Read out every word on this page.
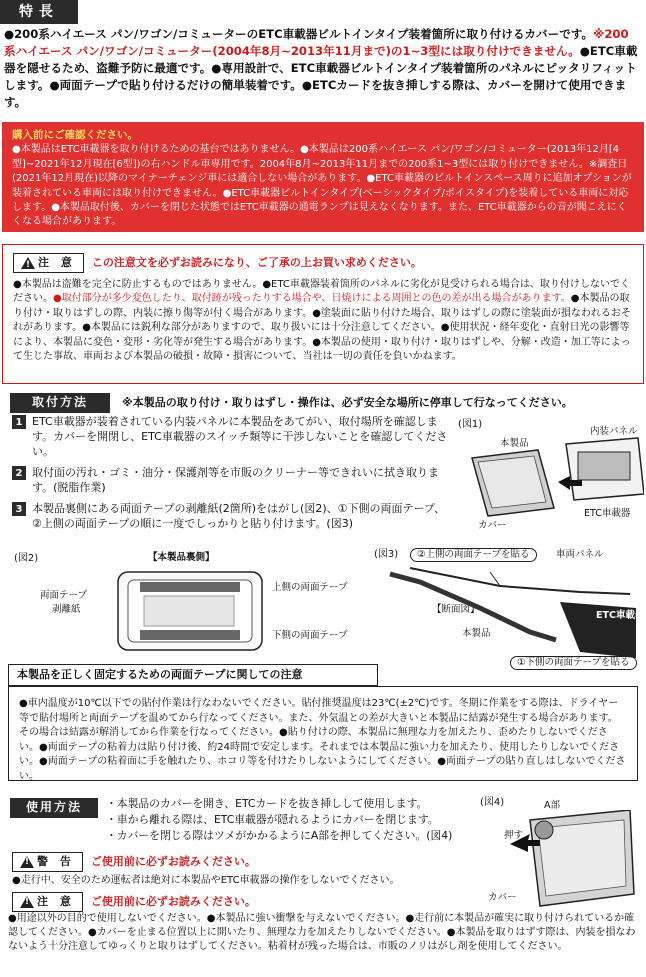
特長
●200系ハイエース パン/ワゴン/コミューターのETC車載器ビルトインタイプ装着箇所に取り付けるカバーです。※200系ハイエース パン/ワゴン/コミューター(2004年8月~2013年11月まで)の1~3型には取り付けできません。●ETC車載器を隠せるため、盗難予防に最適です。●専用設計で、ETC車載器ビルトインタイプ装着箇所のパネルにピッタリフィットします。●両面テープで貼り付けるだけの簡単装着です。●ETCカードを抜き挿しする際は、カバーを開けて使用できます。
購入前にご確認ください。
●本製品はETC車載器を取り付けるための基台ではありません。●本製品は200系ハイエース パン/ワゴン/コミューター(2013年12月[4型]~2021年12月現在[6型])の右ハンドル車専用です。2004年8月~2013年11月までの200系1~3型には取り付けできません。※調査日(2021年12月現在)以降のマイナーチェンジ車には適合しない場合があります。●ETC車載器のビルトインスペース周りに追加オプションが装着されている車両には取り付けできません。●ETC車載器ビルトインタイプ(ベーシックタイプ/ボイスタイプ)を装着している車両に対応します。●本製品取付後、カバーを閉じた状態ではETC車載器の通電ランプは見えなくなります。また、ETC車載器からの音が聞こえにくくなる場合があります。
!
注 意 この注意文を必ずお読みになり、ご了承の上お買い求めください。
●本製品は盗難を完全に防止するものではありません。●ETC車載器装着箇所のパネルに劣化が見受けられる場合は、取り付けしないでください。●取付部分が多少変色したり、取付跡が残ったりする場合や、日焼けによる周囲との色の差が出る場合があります。●本製品の取り付け・取りはずしの際、内装に擦り傷等が付く場合があります。●塗装面に貼り付けた場合、取りはずしの際に塗装面が損なわれるおそれがあります。●本製品には鋭利な部分がありますので、取り扱いには十分注意してください。●使用状況・経年変化・直射日光の影響等により、本製品に変色・変形・劣化等が発生する場合があります。●本製品の使用・取り付け・取りはずしや、分解・改造・加工等によって生じた事故、車両および本製品の破損・故障・損害について、当社は一切の責任を負いかねます。
取付方法	※本製品の取り付け・取りはずし・操作は、必ず安全な場所に停車して行なってください。
1 ETC車載器が装着されている内装パネルに本製品をあてがい、取付場所を確認します。カバーを開閉し、ETC車載器のスイッチ類等に干渉しないことを確認してください。
2 取付面の汚れ・ゴミ・油分・保護剤等を市販のクリーナー等できれいに拭き取ります。(脱脂作業)
3 本製品裏側にある両面テープの剥離紙(2箇所)をはがし(図2)、①下側の両面テープ、②上側の両面テープの順に一度でしっかりと貼り付けます。(図3)
(図1)
本製品
内装パネル
カバー
ETC車載器
(図2)	【本製品裏側】
両面テープ
剥離紙
上側の両面テープ
下側の両面テープ
(図3)	②上側の両面テープを貼る	車両パネル
【断面図】
本製品
ETC車載器
①下側の両面テープを貼る
本製品を正しく固定するための両面テープに関しての注意
●車内温度が10℃以下での貼付作業は行なわないでください。貼付推奨温度は23℃(±2℃)です。冬期に作業をする際は、ドライヤー等で貼付場所と両面テープを温めてから行なってください。また、外気温との差が大きいと本製品に結露が発生する場合があります。その場合は結露が解消してから作業を行なってください。●貼り付けの際、本製品に無理な力を加えたり、歪めたりしないでください。●両面テープの粘着力は貼り付け後、約24時間で安定します。それまでは本製品に強い力を加えたり、使用したりしないでください。●両面テープの粘着面に手を触れたり、ホコリ等を付けたりしないようにしてください。●両面テープの貼り直しはしないでください。
使用方法	・本製品のカバーを開き、ETCカードを抜き挿しして使用します。
・車から離れる際は、ETC車載器が隠れるようにカバーを閉じます。
・カバーを閉じる際はツメがかかるようにA部を押してください。(図4)
!
警 告 ご使用前に必ずお読みください。
●走行中、安全のため運転者は絶対に本製品やETC車載器の操作をしないでください。
!
注 意 ご使用前に必ずお読みください。
●用途以外の目的で使用しないでください。●本製品に強い衝撃を与えないでください。●走行前に本製品が確実に取り付けられているか確認してください。●カバーを止まる位置以上に開いたり、無理な力を加えたりしないでください。●本製品を取りはずす際は、内装を損なわないよう十分注意してゆっくりと取りはずしてください。粘着材が残った場合は、市販のノリはがし剤を使用してください。
(図4)	A部
押す
カバー
